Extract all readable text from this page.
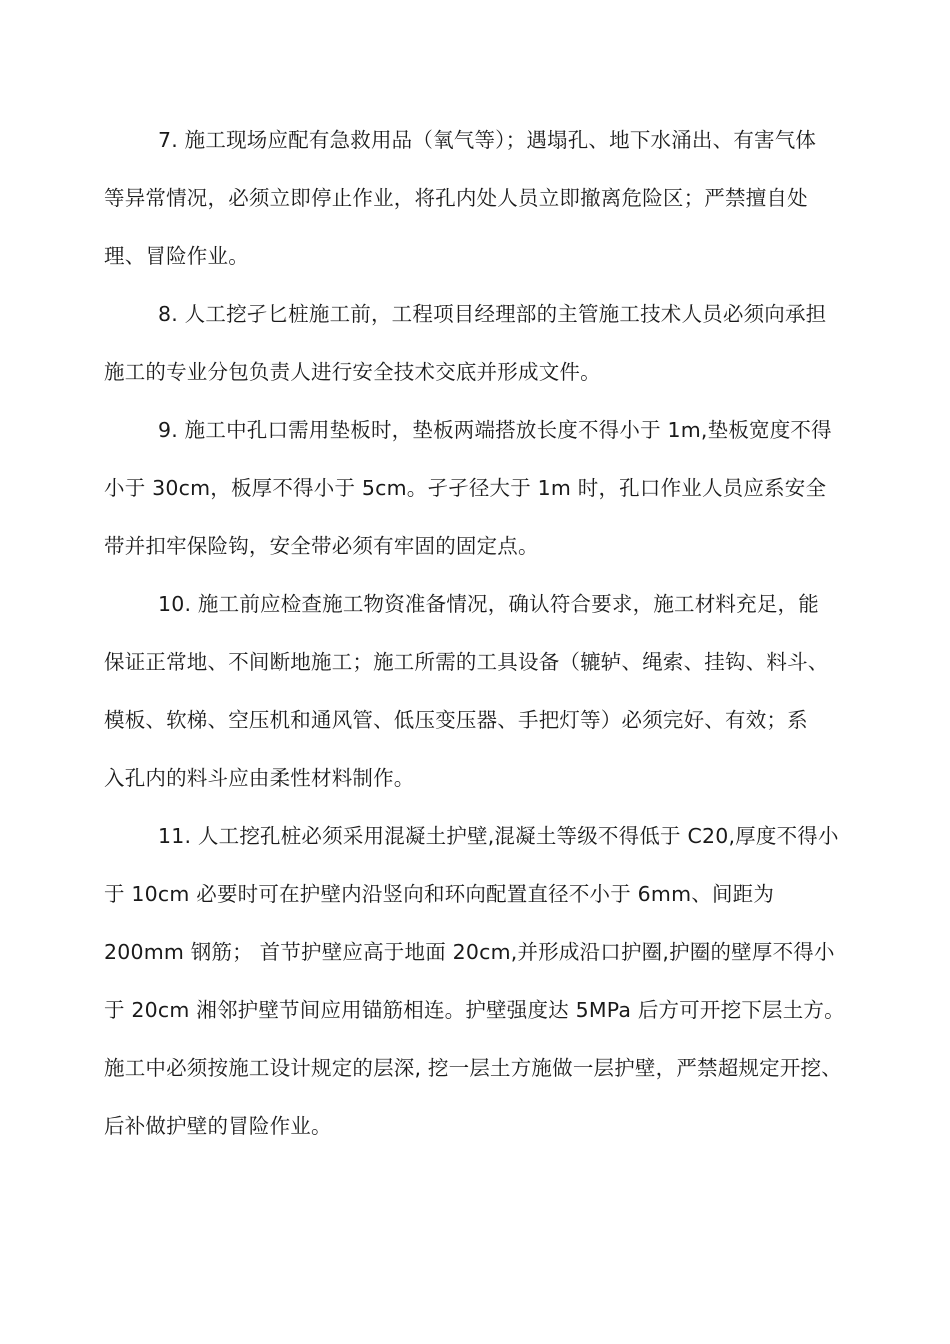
7. 施工现场应配有急救用品（氧气等）；遇塌孔、地下水涌出、有害气体
等异常情况，必须立即停止作业，将孔内处人员立即撤离危险区；严禁擅自处
理、冒险作业。
8. 人工挖孑匕桩施工前，工程项目经理部的主管施工技术人员必须向承担
施工的专业分包负责人进行安全技术交底并形成文件。
9. 施工中孔口需用垫板时，垫板两端搭放长度不得小于 1m,垫板宽度不得
小于 30cm，板厚不得小于 5cm。孑孑径大于 1m 时，孔口作业人员应系安全
带并扣牢保险钩，安全带必须有牢固的固定点。
10. 施工前应检查施工物资准备情况，确认符合要求，施工材料充足，能
保证正常地、不间断地施工；施工所需的工具设备（辘轳、绳索、挂钩、料斗、
模板、软梯、空压机和通风管、低压变压器、手把灯等）必须完好、有效；系
入孔内的料斗应由柔性材料制作。
11. 人工挖孔桩必须采用混凝土护壁,混凝土等级不得低于 C20,厚度不得小
于 10cm 必要时可在护壁内沿竖向和环向配置直径不小于 6mm、间距为
200mm 钢筋； 首节护壁应高于地面 20cm,并形成沿口护圈,护圈的壁厚不得小
于 20cm 湘邻护壁节间应用锚筋相连。护壁强度达 5MPa 后方可开挖下层土方。
施工中必须按施工设计规定的层深, 挖一层土方施做一层护壁，严禁超规定开挖、
后补做护壁的冒险作业。
